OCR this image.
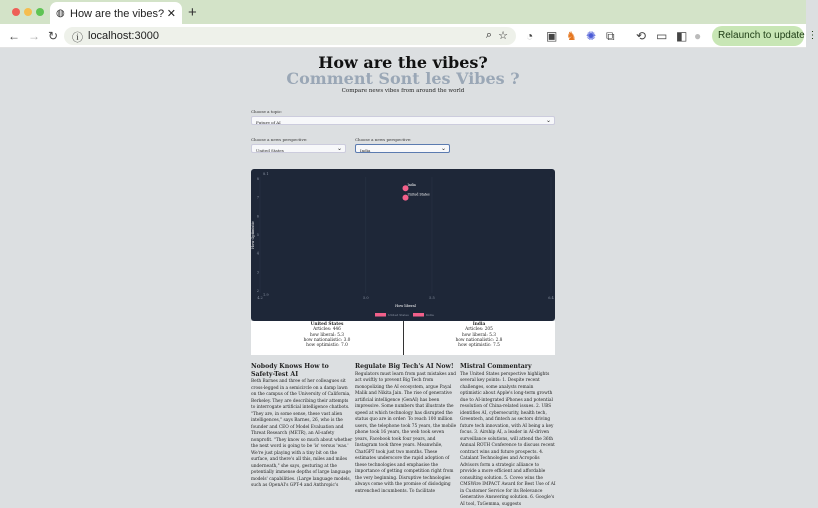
◍ How are the vibes? ✕ +
← → ↻ ⓘ localhost:3000	⌕ ☆ ◔ ▣ ♞ ✺ ⧉ ⟲ ▭ ◧ ●	Relaunch to update ⋮
How are the vibes?
Comment Sont les Vibes ?
Compare news vibes from around the world
Choose a topic:
Future of AI	⌄
Choose a news perspective:
United States	⌄
Choose a news perspective:
India	⌄
4.2	5.0	5.5	6.4
8.1
8
7
6
5
4
3
2
1.9
How liberal
How Optimistic
United States
India
United States	India
United States
Articles: 446
how liberal: 5.3
how nationalistic: 3.0
how optimistic: 7.0
India
Articles: 205
how liberal: 5.3
how nationalistic: 2.8
how optimistic: 7.5
Nobody Knows How to Safety-Test AI

Beth Barnes and three of her colleagues sit cross-legged in a semicircle on a damp lawn on the campus of the University of California, Berkeley. They are describing their attempts to interrogate artificial intelligence chatbots. "They are, in some sense, these vast alien intelligences," says Barnes, 26, who is the founder and CEO of Model Evaluation and Threat Research (METR), an AI-safety nonprofit. "They know so much about whether the next word is going to be 'is' versus 'was.' We're just playing with a tiny bit on the surface, and there's all this, miles and miles underneath," she says, gesturing at the potentially immense depths of large language models' capabilities. (Large language models, such as OpenAI's GPT-4 and Anthropic's

Regulate Big Tech's AI Now!

Regulators must learn from past mistakes and act swiftly to prevent Big Tech from monopolizing the AI ecosystem, argue Payal Malik and Nikita Jain. The rise of generative artificial intelligence (GenAI) has been impressive. Some numbers that illustrate the speed at which technology has disrupted the status quo are in order: To reach 100 million users, the telephone took 75 years, the mobile phone took 16 years, the web took seven years, Facebook took four years, and Instagram took three years. Meanwhile, ChatGPT took just two months. These estimates underscore the rapid adoption of these technologies and emphasise the importance of getting competition right from the very beginning. Disruptive technologies always come with the promise of dislodging entrenched incumbents. To facilitate

Mistral Commentary

The United States perspective highlights several key points: 1. Despite recent challenges, some analysts remain optimistic about Apple's long-term growth due to AI-integrated iPhones and potential resolution of China-related issues. 2. UBS identifies AI, cybersecurity, health tech, Greentech, and fintech as sectors driving future tech innovation, with AI being a key focus. 3. Airship AI, a leader in AI-driven surveillance solutions, will attend the 36th Annual ROTH Conference to discuss recent contract wins and future prospects. 4. Catalant Technologies and Acropolis Advisors form a strategic alliance to provide a more efficient and affordable consulting solution. 5. Coveo wins the CMSWire IMPACT Award for Best Use of AI in Customer Service for its Relevance Generative Answering solution. 6. Google's AI tool, TxGemma, suggests
